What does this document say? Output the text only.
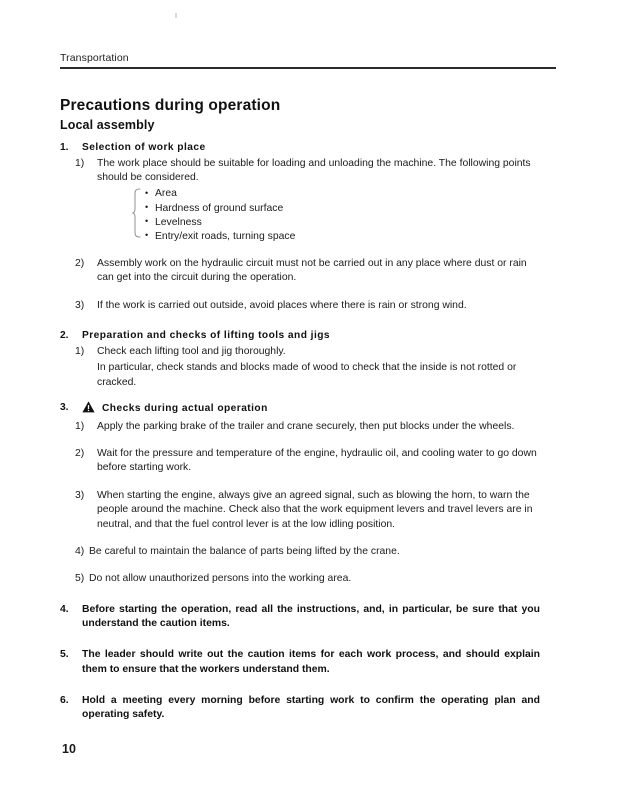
Transportation
Precautions during operation
Local assembly
1.	Selection of work place
1)	The work place should be suitable for loading and unloading the machine. The following points should be considered.
• Area
• Hardness of ground surface
• Levelness
• Entry/exit roads, turning space
2)	Assembly work on the hydraulic circuit must not be carried out in any place where dust or rain can get into the circuit during the operation.
3)	If the work is carried out outside, avoid places where there is rain or strong wind.
2.	Preparation and checks of lifting tools and jigs
1)	Check each lifting tool and jig thoroughly.
In particular, check stands and blocks made of wood to check that the inside is not rotted or cracked.
3.	Checks during actual operation
1)	Apply the parking brake of the trailer and crane securely, then put blocks under the wheels.
2)	Wait for the pressure and temperature of the engine, hydraulic oil, and cooling water to go down before starting work.
3)	When starting the engine, always give an agreed signal, such as blowing the horn, to warn the people around the machine. Check also that the work equipment levers and travel levers are in neutral, and that the fuel control lever is at the low idling position.
4) Be careful to maintain the balance of parts being lifted by the crane.
5) Do not allow unauthorized persons into the working area.
4.	Before starting the operation, read all the instructions, and, in particular, be sure that you understand the caution items.
5.	The leader should write out the caution items for each work process, and should explain them to ensure that the workers understand them.
6.	Hold a meeting every morning before starting work to confirm the operating plan and operating safety.
10
